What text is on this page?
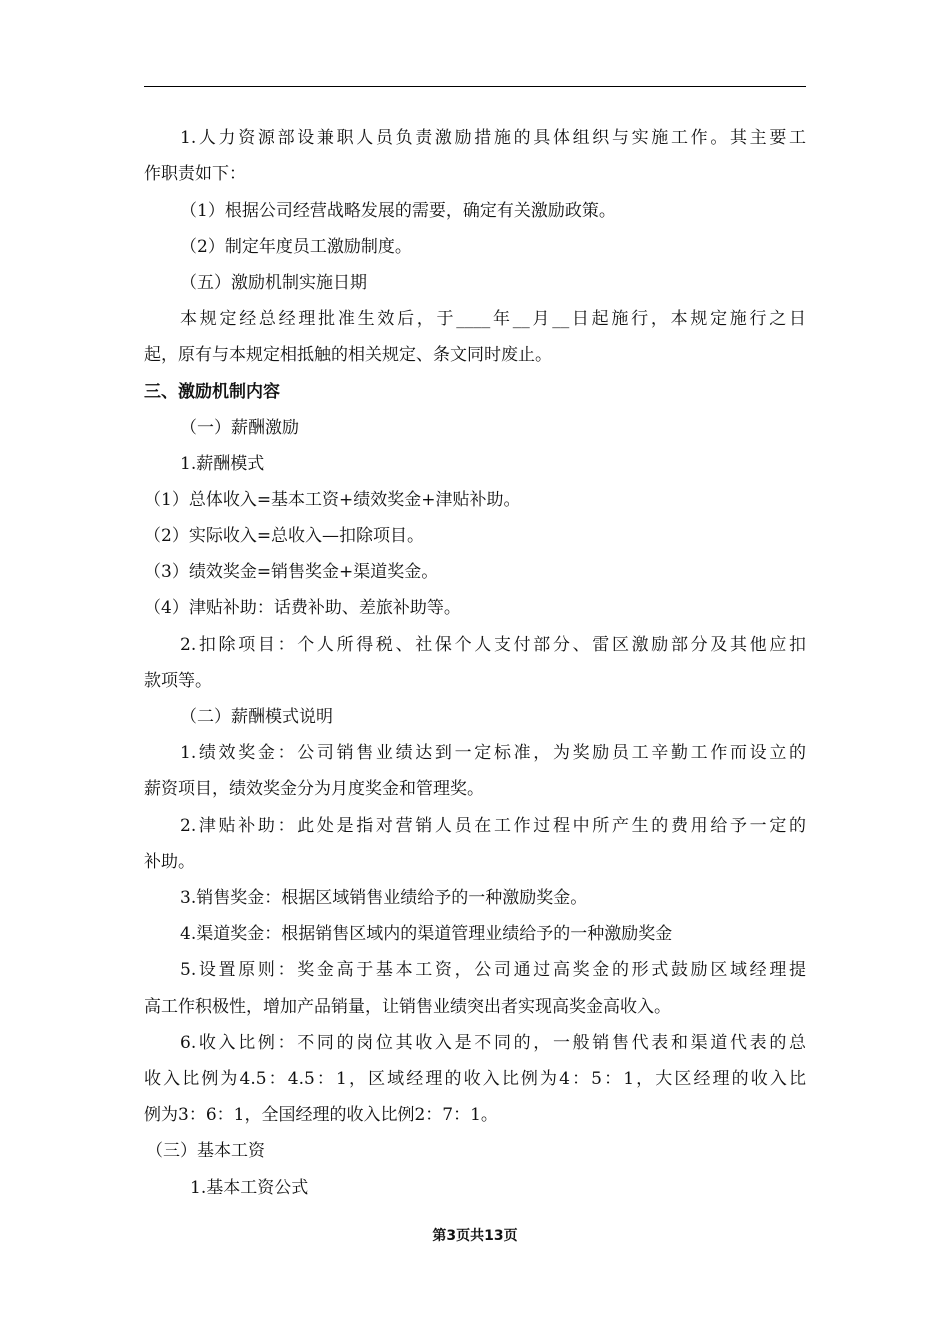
1.人力资源部设兼职人员负责激励措施的具体组织与实施工作。其主要工
作职责如下：
（1）根据公司经营战略发展的需要，确定有关激励政策。
（2）制定年度员工激励制度。
（五）激励机制实施日期
本规定经总经理批准生效后，于____年__月__日起施行，本规定施行之日
起，原有与本规定相抵触的相关规定、条文同时废止。
三、激励机制内容
（一）薪酬激励
1.薪酬模式
（1）总体收入=基本工资+绩效奖金+津贴补助。
（2）实际收入=总收入—扣除项目。
（3）绩效奖金=销售奖金+渠道奖金。
（4）津贴补助：话费补助、差旅补助等。
2.扣除项目：个人所得税、社保个人支付部分、雷区激励部分及其他应扣
款项等。
（二）薪酬模式说明
1.绩效奖金：公司销售业绩达到一定标准，为奖励员工辛勤工作而设立的
薪资项目，绩效奖金分为月度奖金和管理奖。
2.津贴补助：此处是指对营销人员在工作过程中所产生的费用给予一定的
补助。
3.销售奖金：根据区域销售业绩给予的一种激励奖金。
4.渠道奖金：根据销售区域内的渠道管理业绩给予的一种激励奖金
5.设置原则：奖金高于基本工资，公司通过高奖金的形式鼓励区域经理提
高工作积极性，增加产品销量，让销售业绩突出者实现高奖金高收入。
6.收入比例：不同的岗位其收入是不同的，一般销售代表和渠道代表的总
收入比例为4.5：4.5：1，区域经理的收入比例为4：5：1，大区经理的收入比
例为3：6：1，全国经理的收入比例2：7：1。
（三）基本工资
1.基本工资公式
第3页共13页
